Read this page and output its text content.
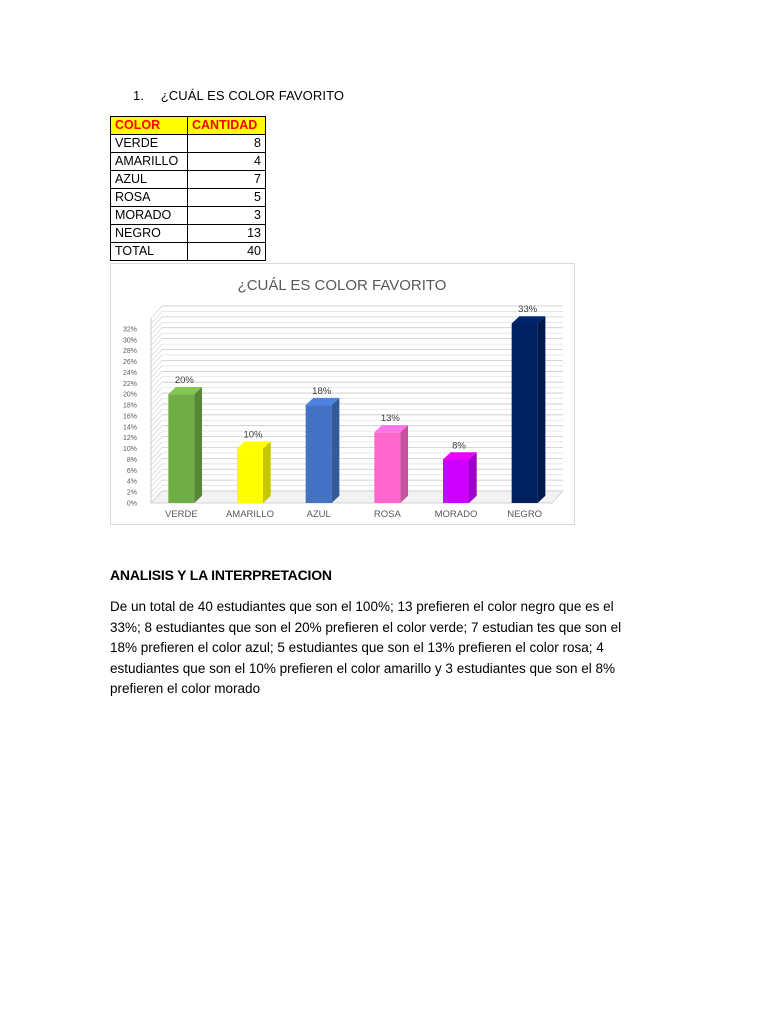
1. ¿CUÁL ES COLOR FAVORITO
COLOR	CANTIDAD
VERDE	8
AMARILLO	4
AZUL	7
ROSA	5
MORADO	3
NEGRO	13
TOTAL	40
¿CUÁL ES COLOR FAVORITO
0%
2%
4%
6%
8%
10%
12%
14%
16%
18%
20%
22%
24%
26%
28%
30%
32%
20%
VERDE
10%
AMARILLO
18%
AZUL
13%
ROSA
8%
MORADO
33%
NEGRO
ANALISIS Y LA INTERPRETACION
De un total de 40 estudiantes que son el 100%; 13 prefieren el color negro que es el
33%; 8 estudiantes que son el 20% prefieren el color verde; 7 estudian tes que son el
18% prefieren el color azul; 5 estudiantes que son el 13% prefieren el color rosa; 4
estudiantes que son el 10% prefieren el color amarillo y 3 estudiantes que son el 8%
prefieren el color morado
